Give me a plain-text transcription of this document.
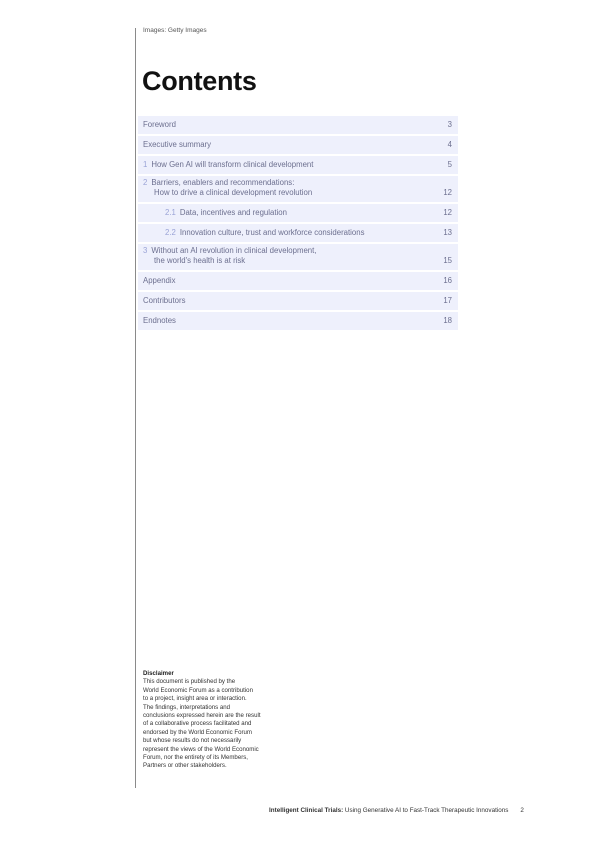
Images: Getty Images
Contents
Foreword	3
Executive summary	4
1 How Gen AI will transform clinical development	5
2 Barriers, enablers and recommendations:
How to drive a clinical development revolution	12
2.1 Data, incentives and regulation	12
2.2 Innovation culture, trust and workforce considerations	13
3 Without an AI revolution in clinical development,
the world's health is at risk	15
Appendix	16
Contributors	17
Endnotes	18
Disclaimer
This document is published by the
World Economic Forum as a contribution
to a project, insight area or interaction.
The findings, interpretations and
conclusions expressed herein are the result
of a collaborative process facilitated and
endorsed by the World Economic Forum
but whose results do not necessarily
represent the views of the World Economic
Forum, nor the entirety of its Members,
Partners or other stakeholders.
Intelligent Clinical Trials: Using Generative AI to Fast-Track Therapeutic Innovations 2
